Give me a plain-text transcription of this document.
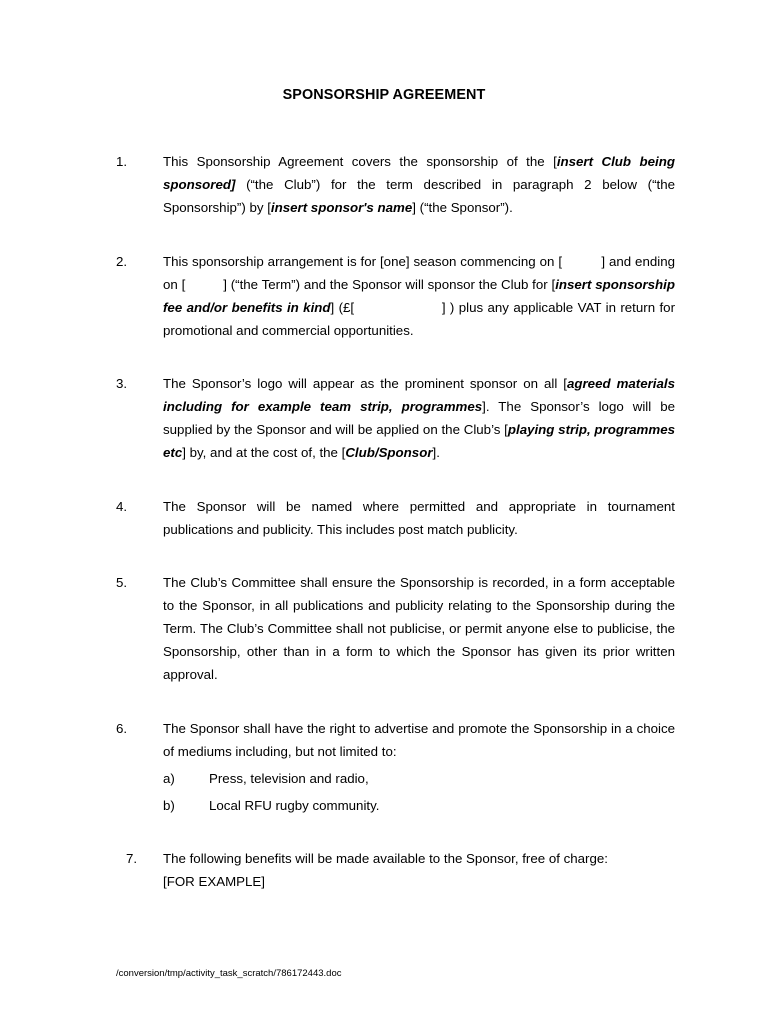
SPONSORSHIP AGREEMENT
1.	This Sponsorship Agreement covers the sponsorship of the [insert Club being sponsored] (“the Club”) for the term described in paragraph 2 below (“the Sponsorship”) by [insert sponsor's name] (“the Sponsor”).
2.	This sponsorship arrangement is for [one] season commencing on [          ] and ending on [          ] (“the Term”) and the Sponsor will sponsor the Club for [insert sponsorship fee and/or benefits in kind] (£[                    ] ) plus any applicable VAT in return for promotional and commercial opportunities.
3.	The Sponsor’s logo will appear as the prominent sponsor on all [agreed materials including for example team strip, programmes]. The Sponsor’s logo will be supplied by the Sponsor and will be applied on the Club’s [playing strip, programmes etc] by, and at the cost of, the [Club/Sponsor].
4.	The Sponsor will be named where permitted and appropriate in tournament publications and publicity. This includes post match publicity.
5.	The Club’s Committee shall ensure the Sponsorship is recorded, in a form acceptable to the Sponsor, in all publications and publicity relating to the Sponsorship during the Term. The Club’s Committee shall not publicise, or permit anyone else to publicise, the Sponsorship, other than in a form to which the Sponsor has given its prior written approval.
6.	The Sponsor shall have the right to advertise and promote the Sponsorship in a choice of mediums including, but not limited to:
a)	Press, television and radio,
b)	Local RFU rugby community.
7. The following benefits will be made available to the Sponsor, free of charge:
[FOR EXAMPLE]
/conversion/tmp/activity_task_scratch/786172443.doc
